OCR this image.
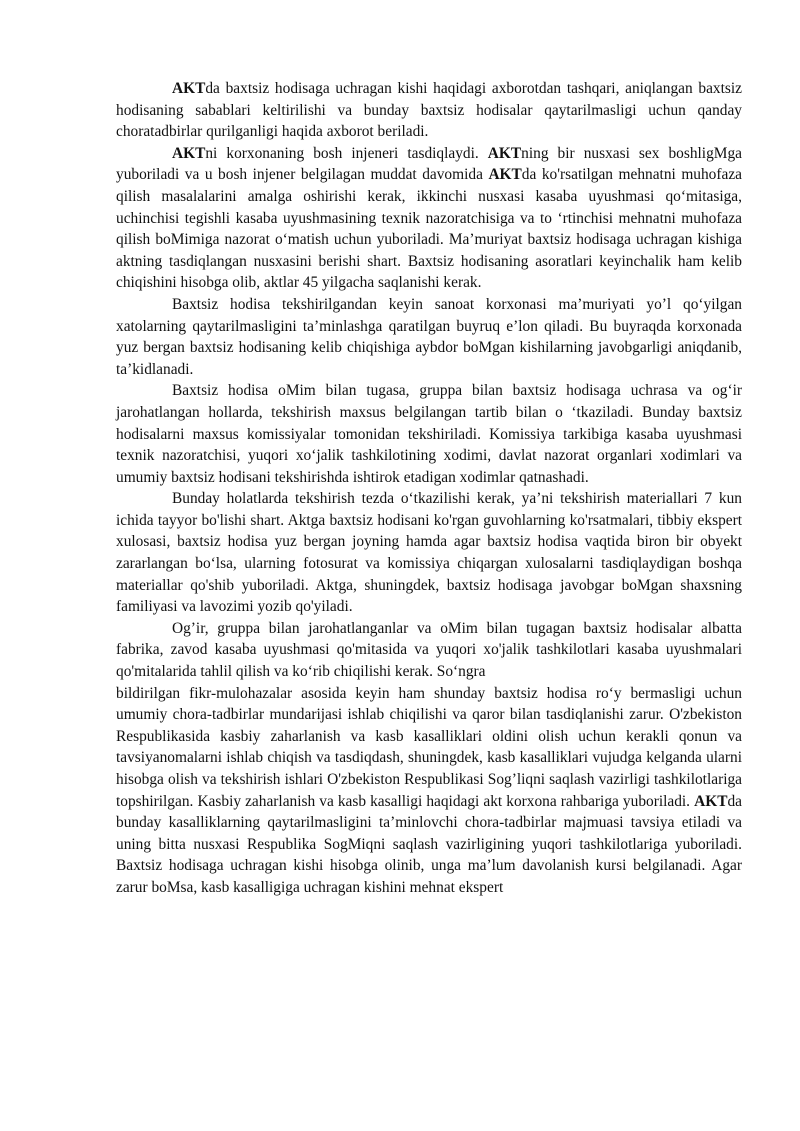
AKTda baxtsiz hodisaga uchragan kishi haqidagi axborotdan tashqari, aniqlangan baxtsiz hodisaning sabablari keltirilishi va bunday baxtsiz hodisalar qaytarilmasligi uchun qanday choratadbirlar qurilganligi haqida axborot beriladi.

AKTni korxonaning bosh injeneri tasdiqlaydi. AKTning bir nusxasi sex boshligMga yuboriladi va u bosh injener belgilagan muddat davomida AKTda ko'rsatilgan mehnatni muhofaza qilish masalalarini amalga oshirishi kerak, ikkinchi nusxasi kasaba uyushmasi qo‘mitasiga, uchinchisi tegishli kasaba uyushmasining texnik nazoratchisiga va to ‘rtinchisi mehnatni muhofaza qilish boMimiga nazorat o‘matish uchun yuboriladi. Ma’muriyat baxtsiz hodisaga uchragan kishiga aktning tasdiqlangan nusxasini berishi shart. Baxtsiz hodisaning asoratlari keyinchalik ham kelib chiqishini hisobga olib, aktlar 45 yilgacha saqlanishi kerak.

Baxtsiz hodisa tekshirilgandan keyin sanoat korxonasi ma’muriyati yo’l qo‘yilgan xatolarning qaytarilmasligini ta’minlashga qaratilgan buyruq e’lon qiladi. Bu buyraqda korxonada yuz bergan baxtsiz hodisaning kelib chiqishiga aybdor boMgan kishilarning javobgarligi aniqdanib, ta’kidlanadi.

Baxtsiz hodisa oMim bilan tugasa, gruppa bilan baxtsiz hodisaga uchrasa va og‘ir jarohatlangan hollarda, tekshirish maxsus belgilangan tartib bilan o ‘tkaziladi. Bunday baxtsiz hodisalarni maxsus komissiyalar tomonidan tekshiriladi. Komissiya tarkibiga kasaba uyushmasi texnik nazoratchisi, yuqori xo‘jalik tashkilotining xodimi, davlat nazorat organlari xodimlari va umumiy baxtsiz hodisani tekshirishda ishtirok etadigan xodimlar qatnashadi.

Bunday holatlarda tekshirish tezda o‘tkazilishi kerak, ya’ni tekshirish materiallari 7 kun ichida tayyor bo'lishi shart. Aktga baxtsiz hodisani ko'rgan guvohlarning ko'rsatmalari, tibbiy ekspert xulosasi, baxtsiz hodisa yuz bergan joyning hamda agar baxtsiz hodisa vaqtida biron bir obyekt zararlangan bo‘lsa, ularning fotosurat va komissiya chiqargan xulosalarni tasdiqlaydigan boshqa materiallar qo'shib yuboriladi. Aktga, shuningdek, baxtsiz hodisaga javobgar boMgan shaxsning familiyasi va lavozimi yozib qo'yiladi.

Og’ir, gruppa bilan jarohatlanganlar va oMim bilan tugagan baxtsiz hodisalar albatta fabrika, zavod kasaba uyushmasi qo'mitasida va yuqori xo'jalik tashkilotlari kasaba uyushmalari qo'mitalarida tahlil qilish va ko‘rib chiqilishi kerak. So‘ngra

bildirilgan fikr-mulohazalar asosida keyin ham shunday baxtsiz hodisa ro‘y bermasligi uchun umumiy chora-tadbirlar mundarijasi ishlab chiqilishi va qaror bilan tasdiqlanishi zarur. O'zbekiston Respublikasida kasbiy zaharlanish va kasb kasalliklari oldini olish uchun kerakli qonun va tavsiyanomalarni ishlab chiqish va tasdiqdash, shuningdek, kasb kasalliklari vujudga kelganda ularni hisobga olish va tekshirish ishlari O'zbekiston Respublikasi Sog’liqni saqlash vazirligi tashkilotlariga topshirilgan. Kasbiy zaharlanish va kasb kasalligi haqidagi akt korxona rahbariga yuboriladi. AKTda bunday kasalliklarning qaytarilmasligini ta’minlovchi chora-tadbirlar majmuasi tavsiya etiladi va uning bitta nusxasi Respublika SogMiqni saqlash vazirligining yuqori tashkilotlariga yuboriladi. Baxtsiz hodisaga uchragan kishi hisobga olinib, unga ma’lum davolanish kursi belgilanadi. Agar zarur boMsa, kasb kasalligiga uchragan kishini mehnat ekspert
